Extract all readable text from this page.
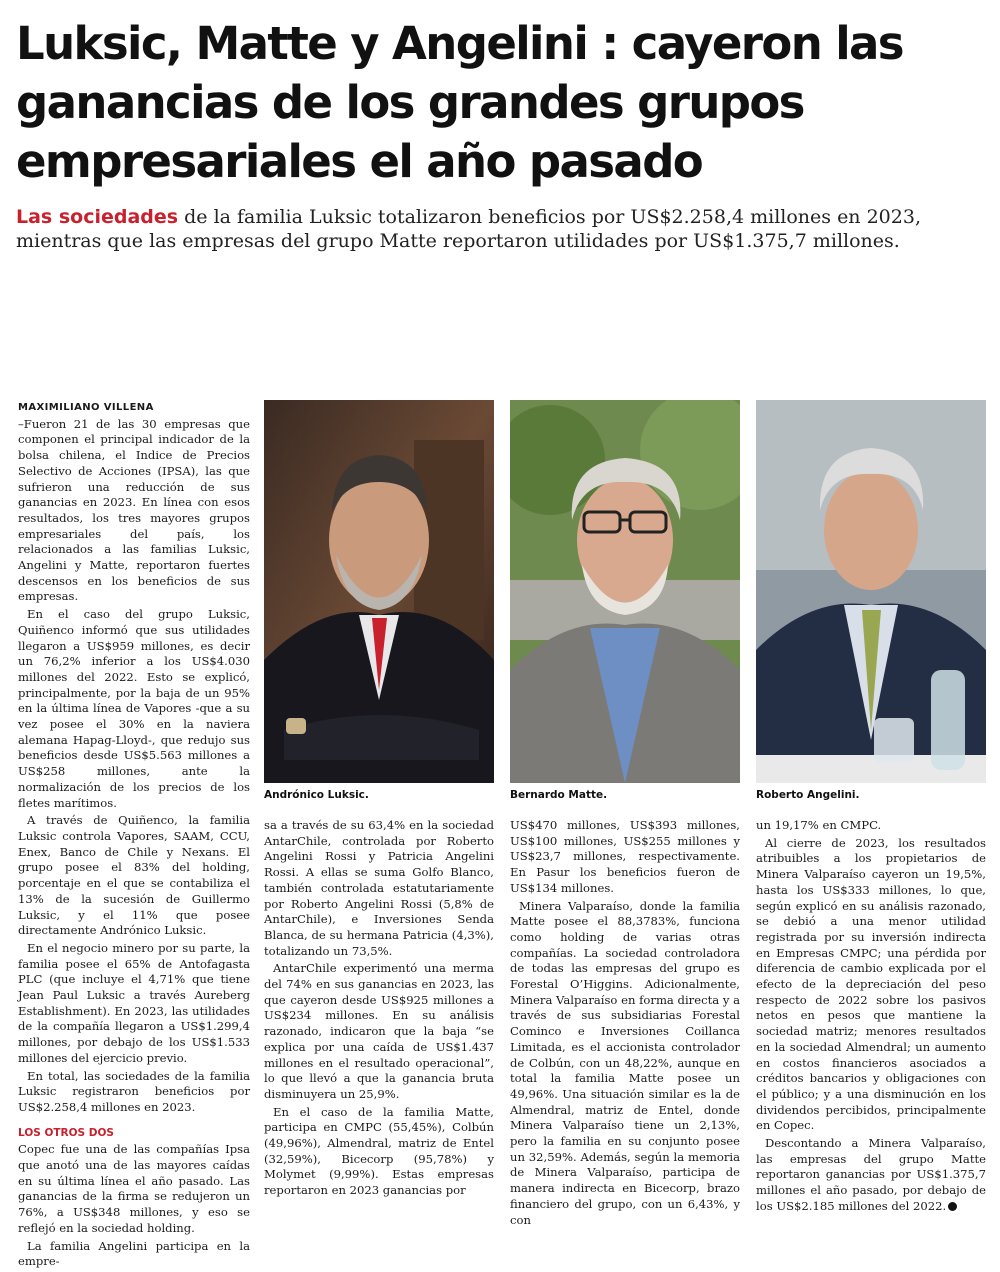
Luksic, Matte y Angelini : cayeron las ganancias de los grandes grupos empresariales el año pasado

Las sociedades de la familia Luksic totalizaron beneficios por US$2.258,4 millones en 2023, mientras que las empresas del grupo Matte reportaron utilidades por US$1.375,7 millones.

MAXIMILIANO VILLENA

–Fueron 21 de las 30 empresas que componen el principal indicador de la bolsa chilena, el Indice de Precios Selectivo de Acciones (IPSA), las que sufrieron una reducción de sus ganancias en 2023. En línea con esos resultados, los tres mayores grupos empresariales del país, los relacionados a las familias Luksic, Angelini y Matte, reportaron fuertes descensos en los beneficios de sus empresas.

En el caso del grupo Luksic, Quiñenco informó que sus utilidades llegaron a US$959 millones, es decir un 76,2% inferior a los US$4.030 millones del 2022. Esto se explicó, principalmente, por la baja de un 95% en la última línea de Vapores -que a su vez posee el 30% en la naviera alemana Hapag-Lloyd-, que redujo sus beneficios desde US$5.563 millones a US$258 millones, ante la normalización de los precios de los fletes marítimos.

A través de Quiñenco, la familia Luksic controla Vapores, SAAM, CCU, Enex, Banco de Chile y Nexans. El grupo posee el 83% del holding, porcentaje en el que se contabiliza el 13% de la sucesión de Guillermo Luksic, y el 11% que posee directamente Andrónico Luksic.

En el negocio minero por su parte, la familia posee el 65% de Antofagasta PLC (que incluye el 4,71% que tiene Jean Paul Luksic a través Aureberg Establishment). En 2023, las utilidades de la compañía llegaron a US$1.299,4 millones, por debajo de los US$1.533 millones del ejercicio previo.

En total, las sociedades de la familia Luksic registraron beneficios por US$2.258,4 millones en 2023.

LOS OTROS DOS

Copec fue una de las compañías Ipsa que anotó una de las mayores caídas en su última línea el año pasado. Las ganancias de la firma se redujeron un 76%, a US$348 millones, y eso se reflejó en la sociedad holding.

La familia Angelini participa en la empre-

Andrónico Luksic.	Bernardo Matte.	Roberto Angelini.

sa a través de su 63,4% en la sociedad AntarChile, controlada por Roberto Angelini Rossi y Patricia Angelini Rossi. A ellas se suma Golfo Blanco, también controlada estatutariamente por Roberto Angelini Rossi (5,8% de AntarChile), e Inversiones Senda Blanca, de su hermana Patricia (4,3%), totalizando un 73,5%.

AntarChile experimentó una merma del 74% en sus ganancias en 2023, las que cayeron desde US$925 millones a US$234 millones. En su análisis razonado, indicaron que la baja “se explica por una caída de US$1.437 millones en el resultado operacional”, lo que llevó a que la ganancia bruta disminuyera un 25,9%.

En el caso de la familia Matte, participa en CMPC (55,45%), Colbún (49,96%), Almendral, matriz de Entel (32,59%), Bicecorp (95,78%) y Molymet (9,99%). Estas empresas reportaron en 2023 ganancias por

US$470 millones, US$393 millones, US$100 millones, US$255 millones y US$23,7 millones, respectivamente. En Pasur los beneficios fueron de US$134 millones.

Minera Valparaíso, donde la familia Matte posee el 88,3783%, funciona como holding de varias otras compañías. La sociedad controladora de todas las empresas del grupo es Forestal O’Higgins. Adicionalmente, Minera Valparaíso en forma directa y a través de sus subsidiarias Forestal Cominco e Inversiones Coillanca Limitada, es el accionista controlador de Colbún, con un 48,22%, aunque en total la familia Matte posee un 49,96%. Una situación similar es la de Almendral, matriz de Entel, donde Minera Valparaíso tiene un 2,13%, pero la familia en su conjunto posee un 32,59%. Además, según la memoria de Minera Valparaíso, participa de manera indirecta en Bicecorp, brazo financiero del grupo, con un 6,43%, y con

un 19,17% en CMPC.

Al cierre de 2023, los resultados atribuibles a los propietarios de Minera Valparaíso cayeron un 19,5%, hasta los US$333 millones, lo que, según explicó en su análisis razonado, se debió a una menor utilidad registrada por su inversión indirecta en Empresas CMPC; una pérdida por diferencia de cambio explicada por el efecto de la depreciación del peso respecto de 2022 sobre los pasivos netos en pesos que mantiene la sociedad matriz; menores resultados en la sociedad Almendral; un aumento en costos financieros asociados a créditos bancarios y obligaciones con el público; y a una disminución en los dividendos percibidos, principalmente en Copec.

Descontando a Minera Valparaíso, las empresas del grupo Matte reportaron ganancias por US$1.375,7 millones el año pasado, por debajo de los US$2.185 millones del 2022.
